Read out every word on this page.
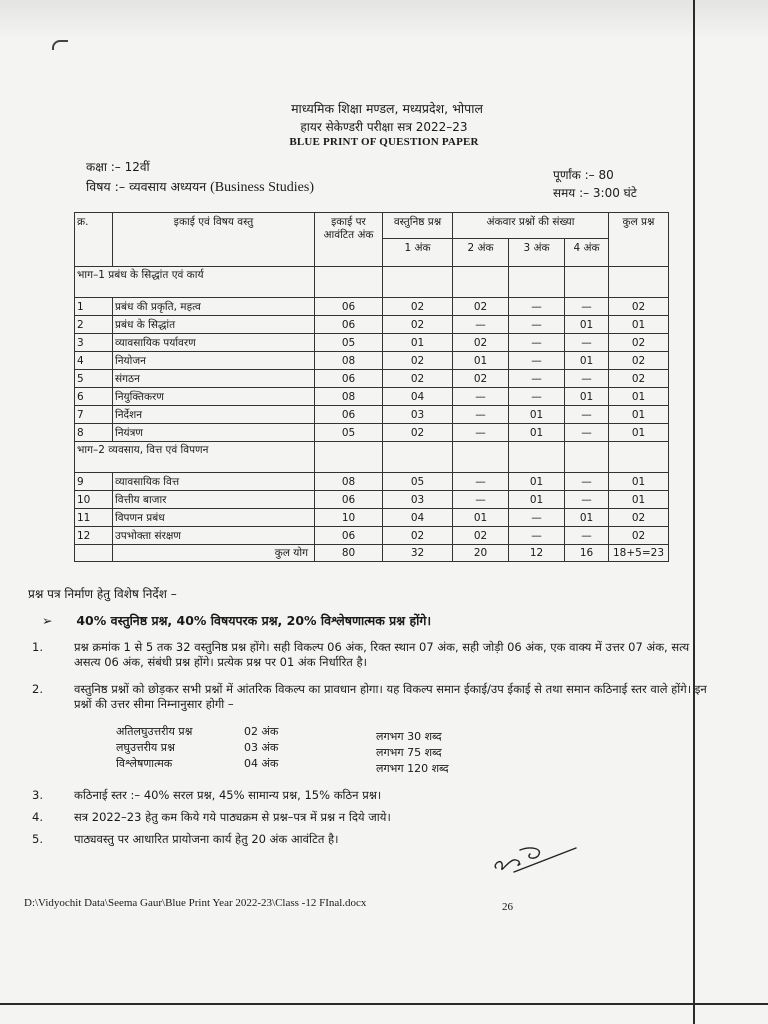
माध्यमिक शिक्षा मण्डल, मध्यप्रदेश, भोपाल
हायर सेकेण्डरी परीक्षा सत्र 2022–23
BLUE PRINT OF QUESTION PAPER
कक्षा :– 12वीं
विषय :– व्यवसाय अध्ययन (Business Studies)
पूर्णांक :– 80
समय :– 3:00 घंटे
क्र.	इकाई एवं विषय वस्तु	इकाई पर आवंटित अंक	वस्तुनिष्ठ प्रश्न	अंकवार प्रश्नों की संख्या			कुल प्रश्न
			1 अंक	2 अंक	3 अंक	4 अंक	
भाग–1 प्रबंध के सिद्धांत एवं कार्य							
1	प्रबंध की प्रकृति, महत्व	06	02	02	—	—	02
2	प्रबंध के सिद्धांत	06	02	—	—	01	01
3	व्यावसायिक पर्यावरण	05	01	02	—	—	02
4	नियोजन	08	02	01	—	01	02
5	संगठन	06	02	02	—	—	02
6	नियुक्तिकरण	08	04	—	—	01	01
7	निर्देशन	06	03	—	01	—	01
8	नियंत्रण	05	02	—	01	—	01
भाग–2 व्यवसाय, वित्त एवं विपणन							
9	व्यावसायिक वित्त	08	05	—	01	—	01
10	वित्तीय बाजार	06	03	—	01	—	01
11	विपणन प्रबंध	10	04	01	—	01	02
12	उपभोक्ता संरक्षण	06	02	02	—	—	02
	कुल योग	80	32	20	12	16	18+5=23
प्रश्न पत्र निर्माण हेतु विशेष निर्देश –
➢ 40% वस्तुनिष्ठ प्रश्न, 40% विषयपरक प्रश्न, 20% विश्लेषणात्मक प्रश्न होंगे।
1.	प्रश्न क्रमांक 1 से 5 तक 32 वस्तुनिष्ठ प्रश्न होंगे। सही विकल्प 06 अंक, रिक्त स्थान 07 अंक, सही जोड़ी 06 अंक, एक वाक्य में उत्तर 07 अंक, सत्य असत्य 06 अंक, संबंधी प्रश्न होंगे। प्रत्येक प्रश्न पर 01 अंक निर्धारित है।
2.	वस्तुनिष्ठ प्रश्नों को छोड़कर सभी प्रश्नों में आंतरिक विकल्प का प्रावधान होगा। यह विकल्प समान ईकाई/उप ईकाई से तथा समान कठिनाई स्तर वाले होंगे। इन प्रश्नों की उत्तर सीमा निम्नानुसार होगी –
अतिलघुउत्तरीय प्रश्न	02 अंक	लगभग 30 शब्द
लघुउत्तरीय प्रश्न	03 अंक	लगभग 75 शब्द
विश्लेषणात्मक	04 अंक	लगभग 120 शब्द
3.	कठिनाई स्तर :– 40% सरल प्रश्न, 45% सामान्य प्रश्न, 15% कठिन प्रश्न।
4.	सत्र 2022–23 हेतु कम किये गये पाठ्यक्रम से प्रश्न–पत्र में प्रश्न न दिये जाये।
5.	पाठ्यवस्तु पर आधारित प्रायोजना कार्य हेतु 20 अंक आवंटित है।
D:\Vidyochit Data\Seema Gaur\Blue Print Year 2022-23\Class -12 FInal.docx	26
